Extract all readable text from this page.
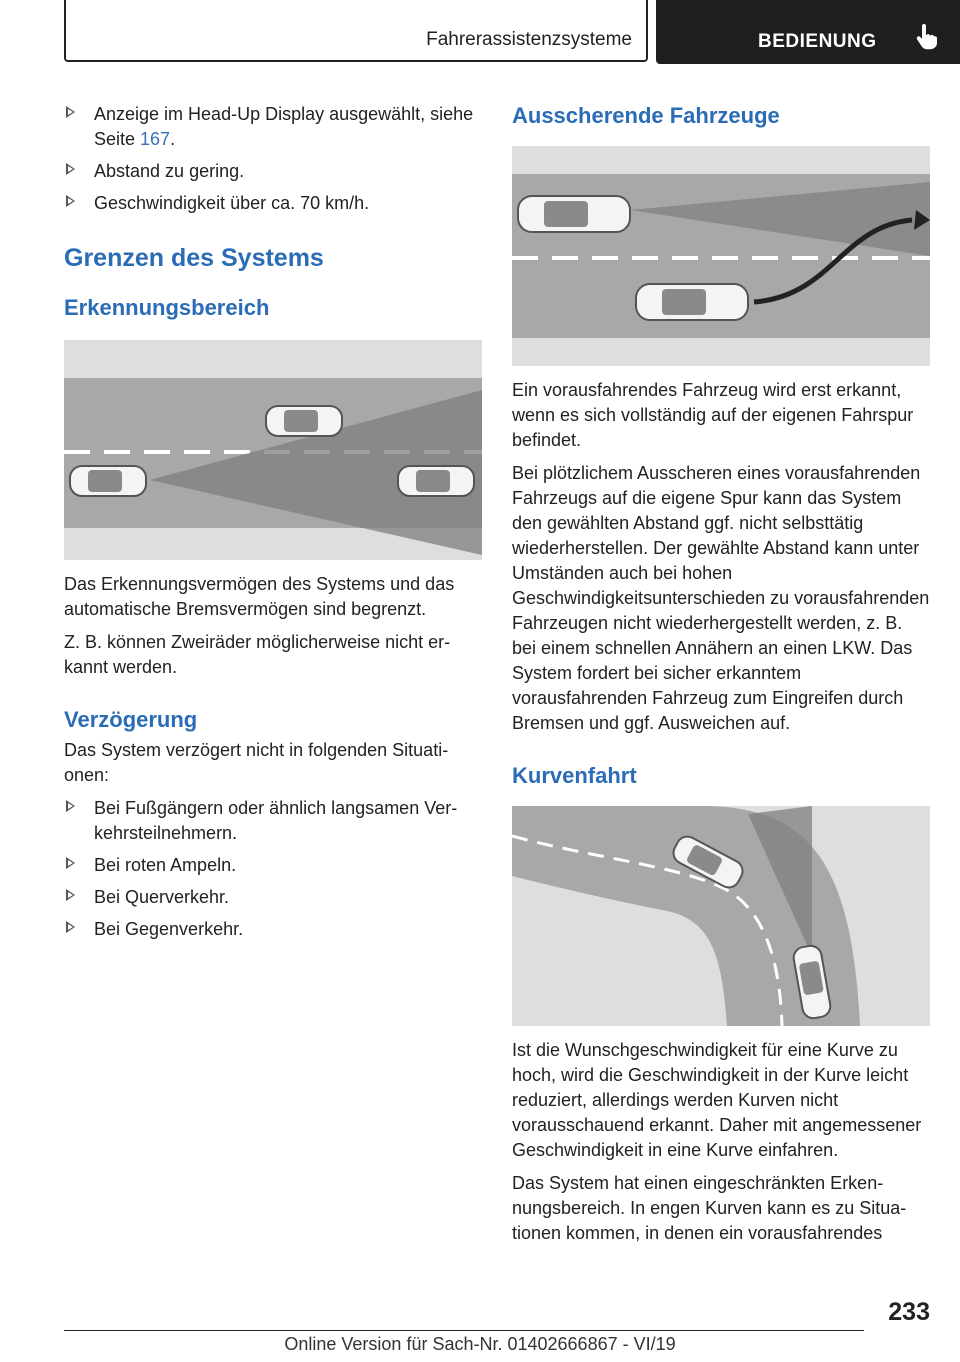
Fahrerassistenzsysteme	BEDIENUNG
Anzeige im Head-Up Display ausgewählt, siehe Seite 167.
Abstand zu gering.
Geschwindigkeit über ca. 70 km/h.
Grenzen des Systems
Erkennungsbereich

Das Erkennungsvermögen des Systems und das automatische Bremsvermögen sind begrenzt.

Z. B. können Zweiräder möglicherweise nicht erkannt werden.

Verzögerung

Das System verzögert nicht in folgenden Situationen:

Bei Fußgängern oder ähnlich langsamen Verkehrsteilnehmern.
Bei roten Ampeln.
Bei Querverkehr.
Bei Gegenverkehr.
Ausscherende Fahrzeuge

Ein vorausfahrendes Fahrzeug wird erst erkannt, wenn es sich vollständig auf der eigenen Fahrspur befindet.

Bei plötzlichem Ausscheren eines vorausfahrenden Fahrzeugs auf die eigene Spur kann das System den gewählten Abstand ggf. nicht selbsttätig wiederherstellen. Der gewählte Abstand kann unter Umständen auch bei hohen Geschwindigkeitsunterschieden zu vorausfahrenden Fahrzeugen nicht wiederhergestellt werden, z. B. bei einem schnellen Annähern an einen LKW. Das System fordert bei sicher erkanntem vorausfahrenden Fahrzeug zum Eingreifen durch Bremsen und ggf. Ausweichen auf.

Kurvenfahrt

Ist die Wunschgeschwindigkeit für eine Kurve zu hoch, wird die Geschwindigkeit in der Kurve leicht reduziert, allerdings werden Kurven nicht vorausschauend erkannt. Daher mit angemessener Geschwindigkeit in eine Kurve einfahren.

Das System hat einen eingeschränkten Erkennungsbereich. In engen Kurven kann es zu Situationen kommen, in denen ein vorausfahrendes

233
Online Version für Sach-Nr. 01402666867 - VI/19
